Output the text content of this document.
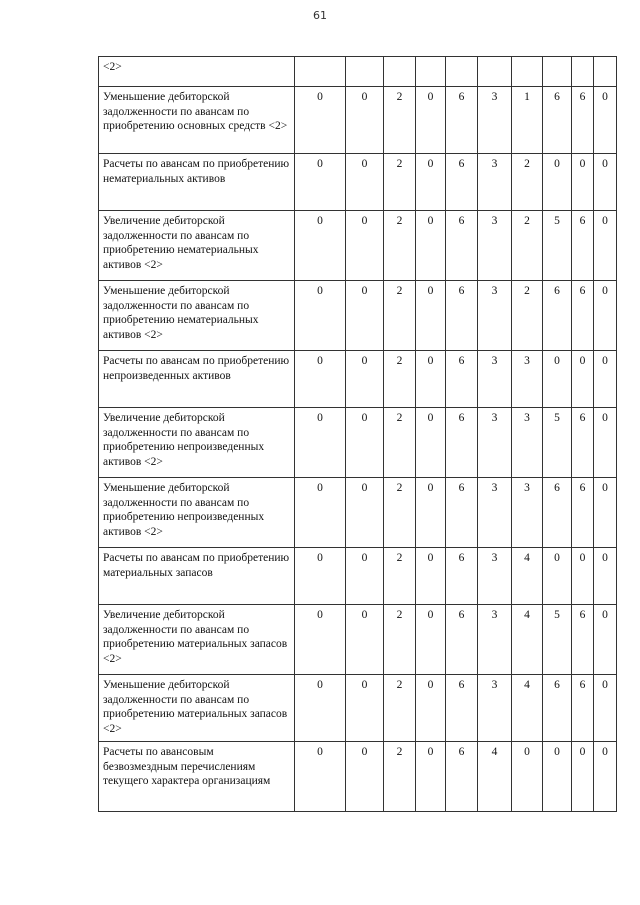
61
<2>										
Уменьшение дебиторской задолженности по авансам по приобретению основных средств <2>	0	0	2	0	6	3	1	6	6	0
Расчеты по авансам по приобретению нематериальных активов	0	0	2	0	6	3	2	0	0	0
Увеличение дебиторской задолженности по авансам по приобретению нематериальных активов <2>	0	0	2	0	6	3	2	5	6	0
Уменьшение дебиторской задолженности по авансам по приобретению нематериальных активов <2>	0	0	2	0	6	3	2	6	6	0
Расчеты по авансам по приобретению непроизведенных активов	0	0	2	0	6	3	3	0	0	0
Увеличение дебиторской задолженности по авансам по приобретению непроизведенных активов <2>	0	0	2	0	6	3	3	5	6	0
Уменьшение дебиторской задолженности по авансам по приобретению непроизведенных активов <2>	0	0	2	0	6	3	3	6	6	0
Расчеты по авансам по приобретению материальных запасов	0	0	2	0	6	3	4	0	0	0
Увеличение дебиторской задолженности по авансам по приобретению материальных запасов <2>	0	0	2	0	6	3	4	5	6	0
Уменьшение дебиторской задолженности по авансам по приобретению материальных запасов <2>	0	0	2	0	6	3	4	6	6	0
Расчеты по авансовым безвозмездным перечислениям текущего характера организациям	0	0	2	0	6	4	0	0	0	0
